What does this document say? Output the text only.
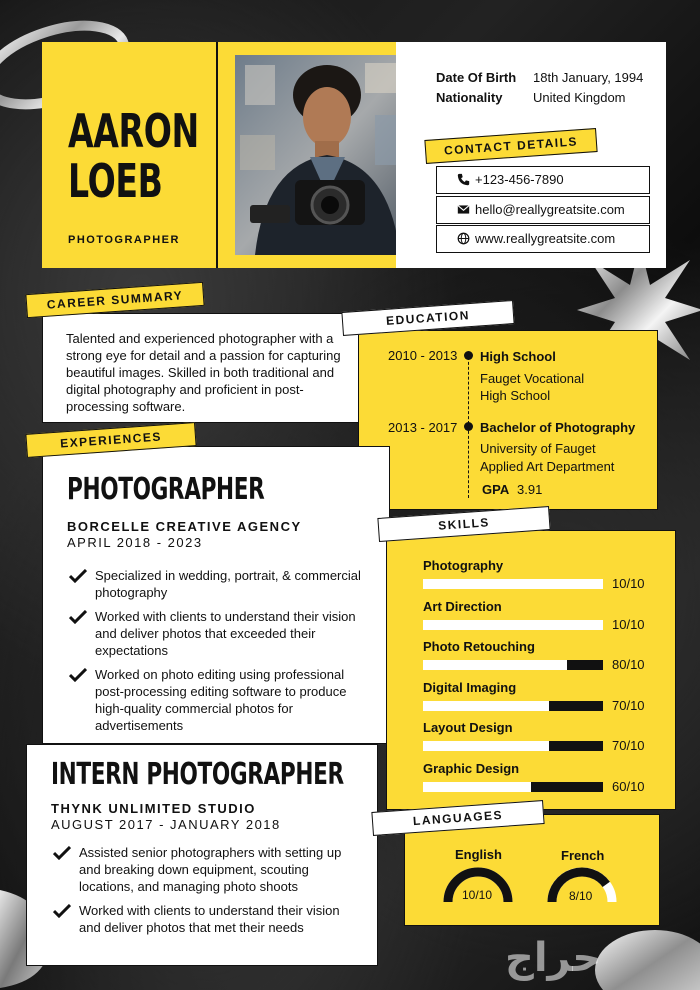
AARON
LOEB
PHOTOGRAPHER
Date Of Birth 18th January, 1994
Nationality United Kingdom
CONTACT DETAILS
+123-456-7890
hello@reallygreatsite.com
www.reallygreatsite.com
CAREER SUMMARY
Talented and experienced photographer with a strong eye for detail and a passion for capturing beautiful images. Skilled in both traditional and digital photography and proficient in post-processing software.
EDUCATION
2010 - 2013 High School
Fauget Vocational
High School
2013 - 2017 Bachelor of Photography
University of Fauget
Applied Art Department
GPA 3.91
EXPERIENCES
PHOTOGRAPHER
BORCELLE CREATIVE AGENCY
APRIL 2018 - 2023
Specialized in wedding, portrait, & commercial photography
Worked with clients to understand their vision and deliver photos that exceeded their expectations
Worked on photo editing using professional post-processing editing software to produce high-quality commercial photos for advertisements
INTERN PHOTOGRAPHER
THYNK UNLIMITED STUDIO
AUGUST 2017 - JANUARY 2018
Assisted senior photographers with setting up and breaking down equipment, scouting locations, and managing photo shoots
Worked with clients to understand their vision and deliver photos that met their needs
SKILLS
Photography
10/10
Art Direction
10/10
Photo Retouching
80/10
Digital Imaging
70/10
Layout Design
70/10
Graphic Design
60/10
LANGUAGES
English
10/10
French
8/10
حراج
